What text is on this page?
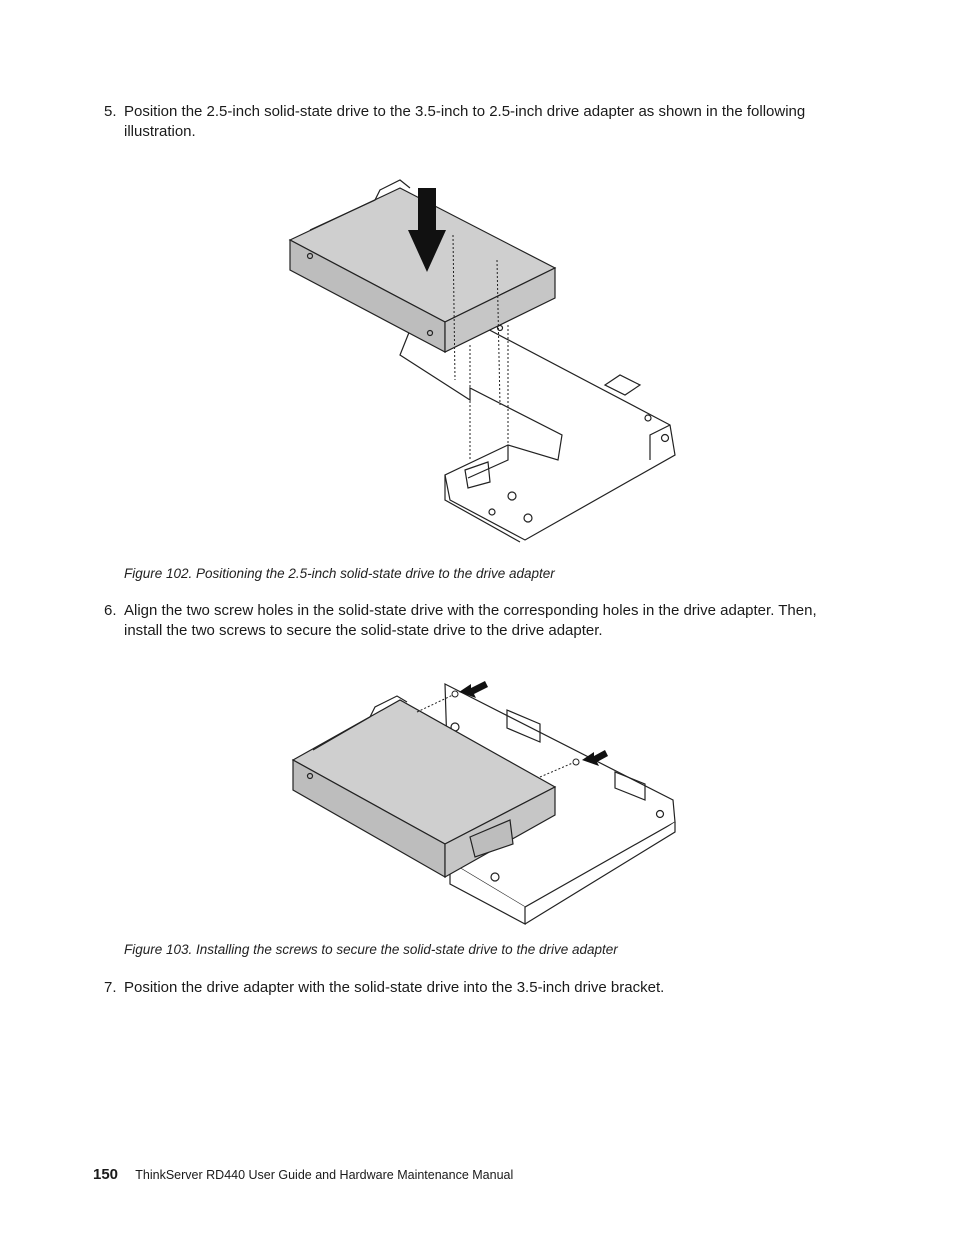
5. Position the 2.5-inch solid-state drive to the 3.5-inch to 2.5-inch drive adapter as shown in the following illustration.
Figure 102. Positioning the 2.5-inch solid-state drive to the drive adapter
6. Align the two screw holes in the solid-state drive with the corresponding holes in the drive adapter. Then, install the two screws to secure the solid-state drive to the drive adapter.
Figure 103. Installing the screws to secure the solid-state drive to the drive adapter
7. Position the drive adapter with the solid-state drive into the 3.5-inch drive bracket.
150 ThinkServer RD440 User Guide and Hardware Maintenance Manual
